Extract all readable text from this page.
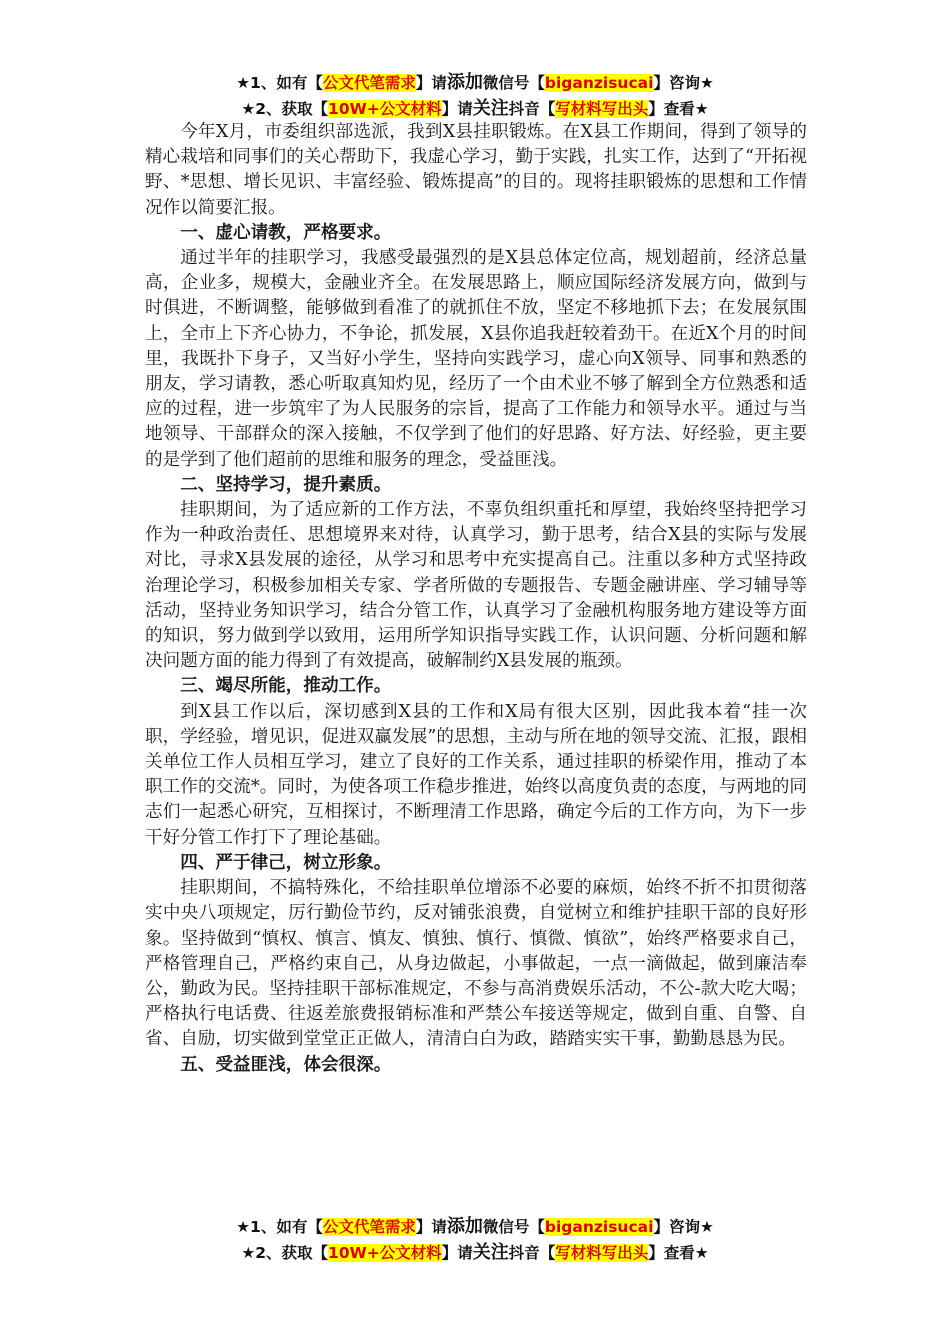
★1、如有【公文代笔需求】请添加微信号【biganzisucai】咨询★
★2、获取【10W+公文材料】请关注抖音【写材料写出头】查看★

今年X月，市委组织部选派，我到X县挂职锻炼。在X县工作期间，得到了领导的精心栽培和同事们的关心帮助下，我虚心学习，勤于实践，扎实工作，达到了“开拓视野、*思想、增长见识、丰富经验、锻炼提高”的目的。现将挂职锻炼的思想和工作情况作以简要汇报。

一、虚心请教，严格要求。

通过半年的挂职学习，我感受最强烈的是X县总体定位高，规划超前，经济总量高，企业多，规模大，金融业齐全。在发展思路上，顺应国际经济发展方向，做到与时俱进，不断调整，能够做到看准了的就抓住不放，坚定不移地抓下去；在发展氛围上，全市上下齐心协力，不争论，抓发展，X县你追我赶较着劲干。在近X个月的时间里，我既扑下身子，又当好小学生，坚持向实践学习，虚心向X领导、同事和熟悉的朋友，学习请教，悉心听取真知灼见，经历了一个由术业不够了解到全方位熟悉和适应的过程，进一步筑牢了为人民服务的宗旨，提高了工作能力和领导水平。通过与当地领导、干部群众的深入接触，不仅学到了他们的好思路、好方法、好经验，更主要的是学到了他们超前的思维和服务的理念，受益匪浅。

二、坚持学习，提升素质。

挂职期间，为了适应新的工作方法，不辜负组织重托和厚望，我始终坚持把学习作为一种政治责任、思想境界来对待，认真学习，勤于思考，结合X县的实际与发展对比，寻求X县发展的途径，从学习和思考中充实提高自己。注重以多种方式坚持政治理论学习，积极参加相关专家、学者所做的专题报告、专题金融讲座、学习辅导等活动，坚持业务知识学习，结合分管工作，认真学习了金融机构服务地方建设等方面的知识，努力做到学以致用，运用所学知识指导实践工作，认识问题、分析问题和解决问题方面的能力得到了有效提高，破解制约X县发展的瓶颈。

三、竭尽所能，推动工作。

到X县工作以后，深切感到X县的工作和X局有很大区别，因此我本着“挂一次职，学经验，增见识，促进双赢发展”的思想，主动与所在地的领导交流、汇报，跟相关单位工作人员相互学习，建立了良好的工作关系，通过挂职的桥梁作用，推动了本职工作的交流*。同时，为使各项工作稳步推进，始终以高度负责的态度，与两地的同志们一起悉心研究，互相探讨，不断理清工作思路，确定今后的工作方向，为下一步干好分管工作打下了理论基础。

四、严于律己，树立形象。

挂职期间，不搞特殊化，不给挂职单位增添不必要的麻烦，始终不折不扣贯彻落实中央八项规定，厉行勤俭节约，反对铺张浪费，自觉树立和维护挂职干部的良好形象。坚持做到“慎权、慎言、慎友、慎独、慎行、慎微、慎欲”，始终严格要求自己，严格管理自己，严格约束自己，从身边做起，小事做起，一点一滴做起，做到廉洁奉公，勤政为民。坚持挂职干部标准规定，不参与高消费娱乐活动，不公-款大吃大喝；严格执行电话费、往返差旅费报销标准和严禁公车接送等规定，做到自重、自警、自省、自励，切实做到堂堂正正做人，清清白白为政，踏踏实实干事，勤勤恳恳为民。

五、受益匪浅，体会很深。
★1、如有【公文代笔需求】请添加微信号【biganzisucai】咨询★
★2、获取【10W+公文材料】请关注抖音【写材料写出头】查看★
